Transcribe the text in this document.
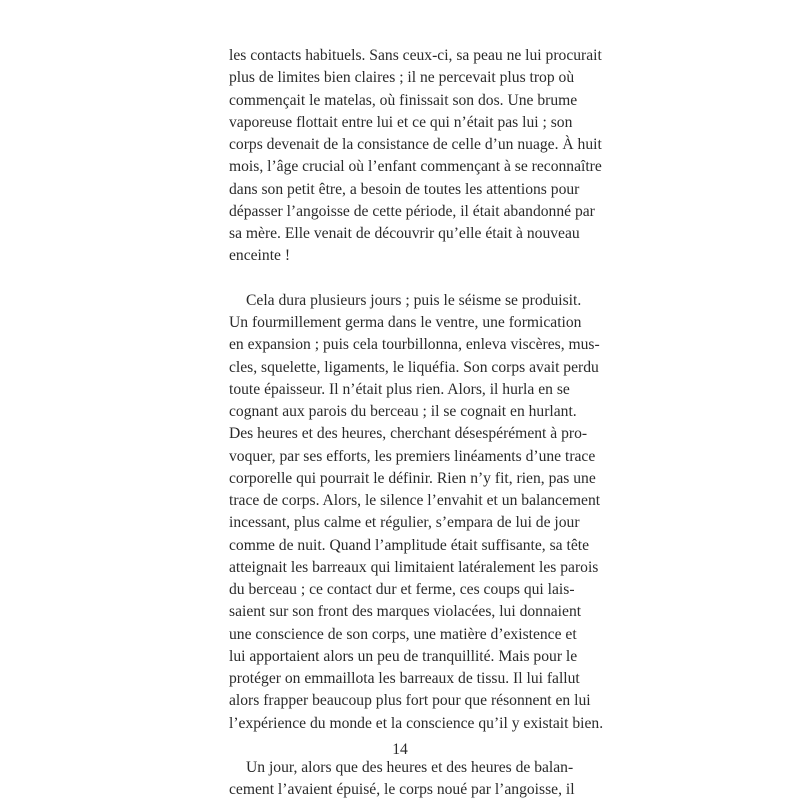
les contacts habituels. Sans ceux-ci, sa peau ne lui procurait
plus de limites bien claires ; il ne percevait plus trop où
commençait le matelas, où finissait son dos. Une brume
vaporeuse flottait entre lui et ce qui n’était pas lui ; son
corps devenait de la consistance de celle d’un nuage. À huit
mois, l’âge crucial où l’enfant commençant à se reconnaître
dans son petit être, a besoin de toutes les attentions pour
dépasser l’angoisse de cette période, il était abandonné par
sa mère. Elle venait de découvrir qu’elle était à nouveau
enceinte !
Cela dura plusieurs jours ; puis le séisme se produisit.
Un fourmillement germa dans le ventre, une formication
en expansion ; puis cela tourbillonna, enleva viscères, mus-
cles, squelette, ligaments, le liquéfia. Son corps avait perdu
toute épaisseur. Il n’était plus rien. Alors, il hurla en se
cognant aux parois du berceau ; il se cognait en hurlant.
Des heures et des heures, cherchant désespérément à pro-
voquer, par ses efforts, les premiers linéaments d’une trace
corporelle qui pourrait le définir. Rien n’y fit, rien, pas une
trace de corps. Alors, le silence l’envahit et un balancement
incessant, plus calme et régulier, s’empara de lui de jour
comme de nuit. Quand l’amplitude était suffisante, sa tête
atteignait les barreaux qui limitaient latéralement les parois
du berceau ; ce contact dur et ferme, ces coups qui lais-
saient sur son front des marques violacées, lui donnaient
une conscience de son corps, une matière d’existence et
lui apportaient alors un peu de tranquillité. Mais pour le
protéger on emmaillota les barreaux de tissu. Il lui fallut
alors frapper beaucoup plus fort pour que résonnent en lui
l’expérience du monde et la conscience qu’il y existait bien.
Un jour, alors que des heures et des heures de balan-
cement l’avaient épuisé, le corps noué par l’angoisse, il
14
